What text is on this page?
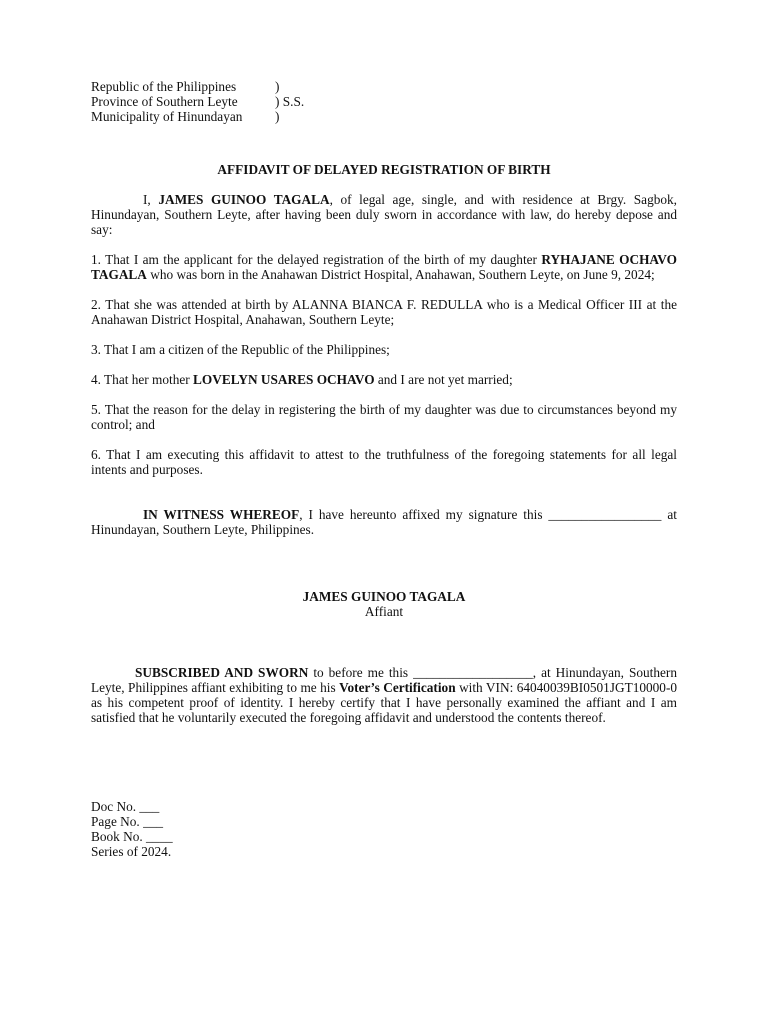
Republic of the Philippines	)
Province of Southern Leyte	) S.S.
Municipality of Hinundayan	)
AFFIDAVIT OF DELAYED REGISTRATION OF BIRTH

I, JAMES GUINOO TAGALA, of legal age, single, and with residence at Brgy. Sagbok, Hinundayan, Southern Leyte, after having been duly sworn in accordance with law, do hereby depose and say:

1. That I am the applicant for the delayed registration of the birth of my daughter RYHAJANE OCHAVO TAGALA who was born in the Anahawan District Hospital, Anahawan, Southern Leyte, on June 9, 2024;

2. That she was attended at birth by ALANNA BIANCA F. REDULLA who is a Medical Officer III at the Anahawan District Hospital, Anahawan, Southern Leyte;

3. That I am a citizen of the Republic of the Philippines;

4. That her mother LOVELYN USARES OCHAVO and I are not yet married;

5. That the reason for the delay in registering the birth of my daughter was due to circumstances beyond my control; and

6. That I am executing this affidavit to attest to the truthfulness of the foregoing statements for all legal intents and purposes.

IN WITNESS WHEREOF, I have hereunto affixed my signature this _________________ at Hinundayan, Southern Leyte, Philippines.

JAMES GUINOO TAGALA
Affiant

SUBSCRIBED AND SWORN to before me this __________________, at Hinundayan, Southern Leyte, Philippines affiant exhibiting to me his Voter’s Certification with VIN: 64040039BI0501JGT10000-0 as his competent proof of identity. I hereby certify that I have personally examined the affiant and I am satisfied that he voluntarily executed the foregoing affidavit and understood the contents thereof.

Doc No. ___
Page No. ___
Book No. ____
Series of 2024.
